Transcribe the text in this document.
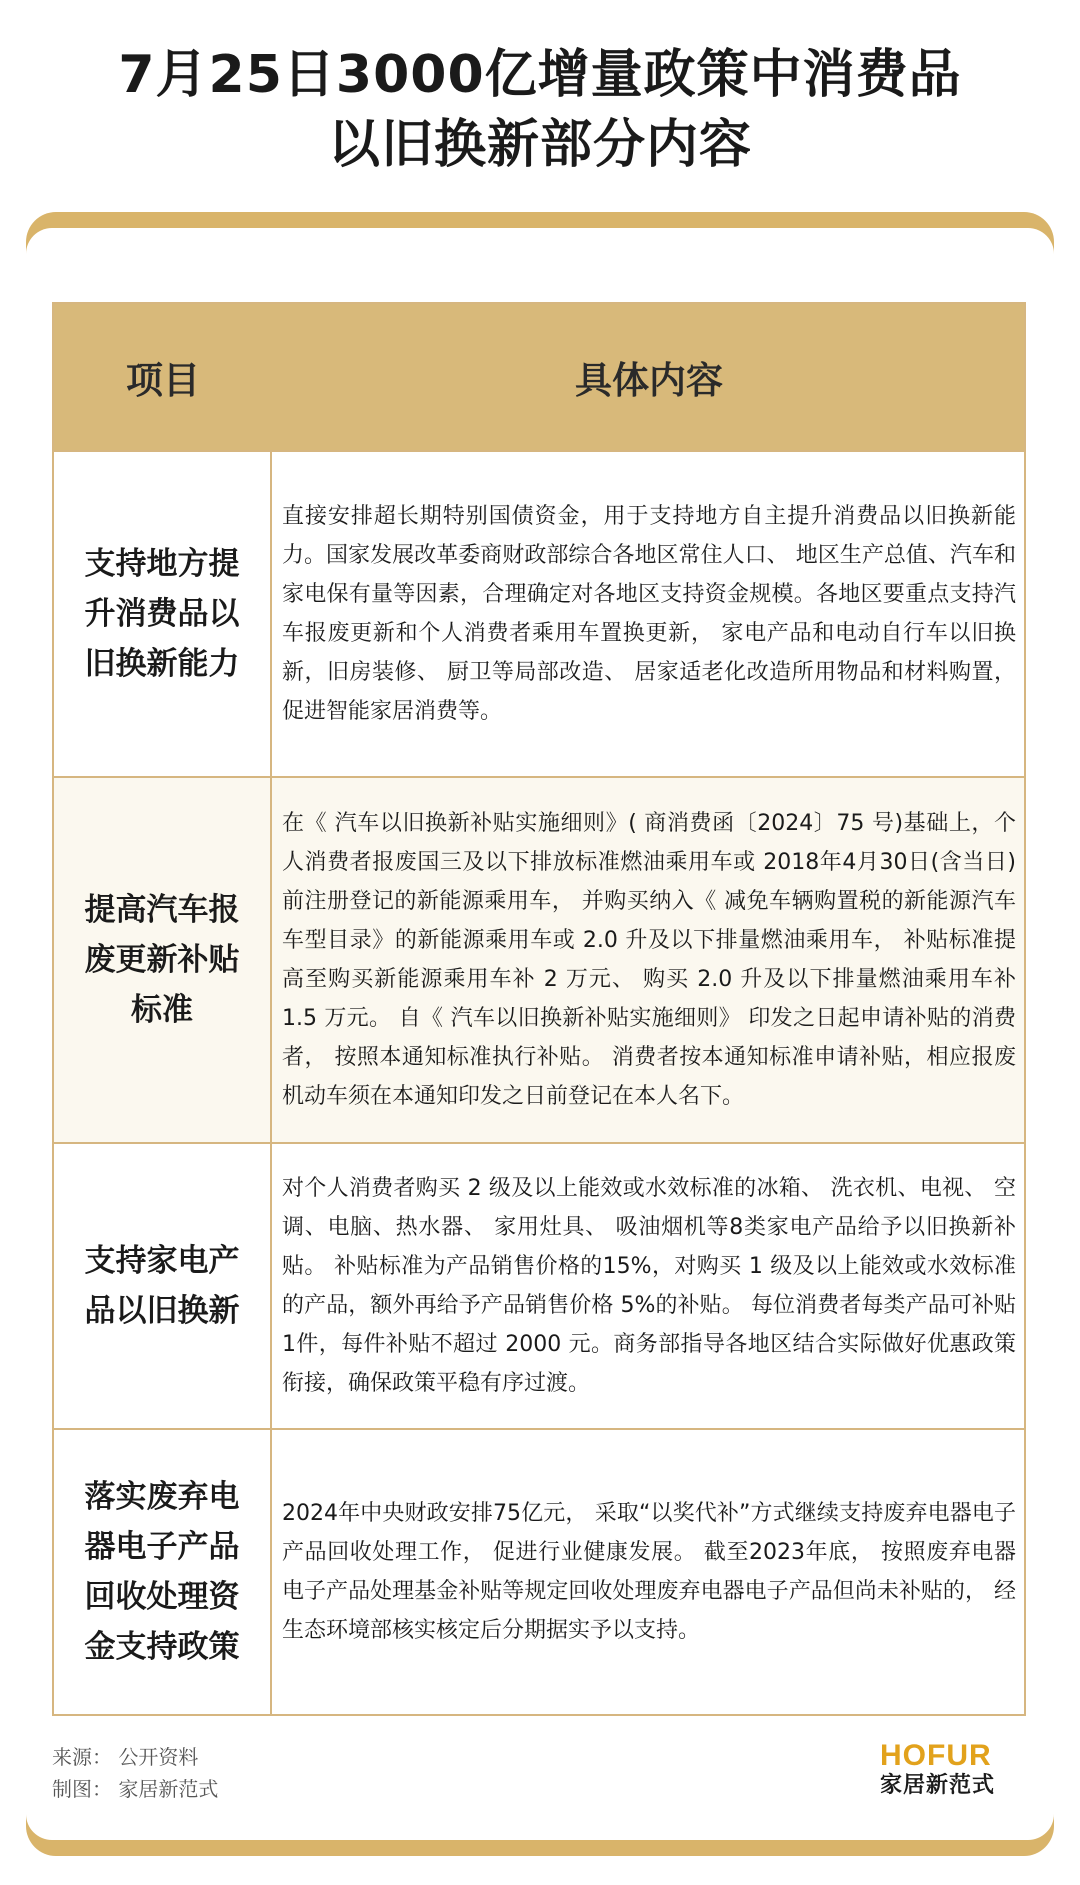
7月25日3000亿增量政策中消费品
以旧换新部分内容
项目	具体内容
支持地方提升消费品以旧换新能力
直接安排超长期特别国债资金，用于支持地方自主提升消费品以旧换新能力。国家发展改革委商财政部综合各地区常住人口、 地区生产总值、汽车和家电保有量等因素，合理确定对各地区支持资金规模。各地区要重点支持汽车报废更新和个人消费者乘用车置换更新， 家电产品和电动自行车以旧换新，旧房装修、 厨卫等局部改造、 居家适老化改造所用物品和材料购置，促进智能家居消费等。
提高汽车报废更新补贴标准
在《 汽车以旧换新补贴实施细则》( 商消费函〔2024〕75 号)基础上，个人消费者报废国三及以下排放标准燃油乘用车或 2018年4月30日(含当日)前注册登记的新能源乘用车， 并购买纳入《 减免车辆购置税的新能源汽车车型目录》的新能源乘用车或 2.0 升及以下排量燃油乘用车， 补贴标准提高至购买新能源乘用车补 2 万元、 购买 2.0 升及以下排量燃油乘用车补 1.5 万元。 自《 汽车以旧换新补贴实施细则》 印发之日起申请补贴的消费者， 按照本通知标准执行补贴。 消费者按本通知标准申请补贴，相应报废机动车须在本通知印发之日前登记在本人名下。
支持家电产品以旧换新
对个人消费者购买 2 级及以上能效或水效标准的冰箱、 洗衣机、电视、 空调、电脑、热水器、 家用灶具、 吸油烟机等8类家电产品给予以旧换新补贴。 补贴标准为产品销售价格的15%，对购买 1 级及以上能效或水效标准的产品，额外再给予产品销售价格 5%的补贴。 每位消费者每类产品可补贴 1件，每件补贴不超过 2000 元。商务部指导各地区结合实际做好优惠政策衔接，确保政策平稳有序过渡。
落实废弃电器电子产品回收处理资金支持政策
2024年中央财政安排75亿元， 采取“以奖代补”方式继续支持废弃电器电子产品回收处理工作， 促进行业健康发展。 截至2023年底， 按照废弃电器电子产品处理基金补贴等规定回收处理废弃电器电子产品但尚未补贴的， 经生态环境部核实核定后分期据实予以支持。
来源： 公开资料
制图： 家居新范式
HOFUR
家居新范式
